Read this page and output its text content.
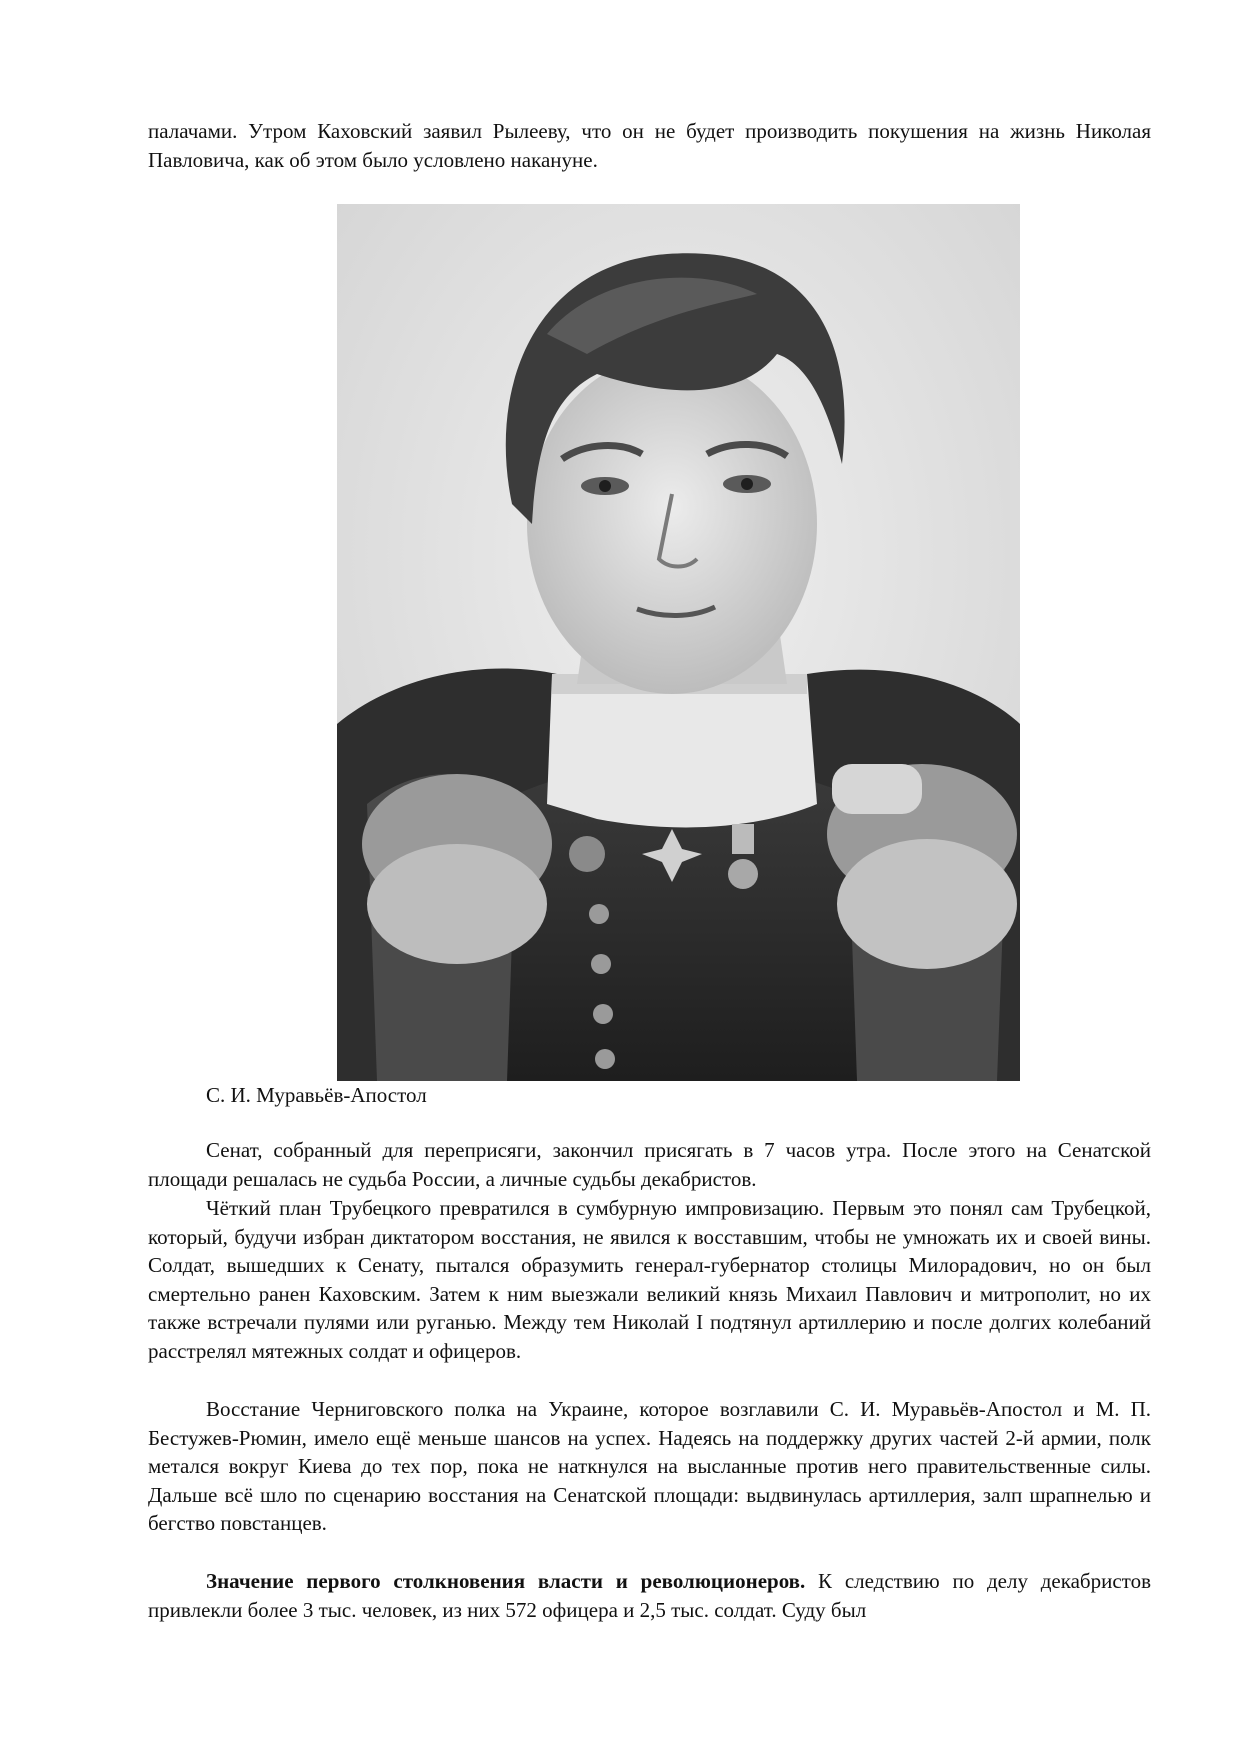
палачами. Утром Каховский заявил Рылееву, что он не будет производить покушения на жизнь Николая Павловича, как об этом было условлено накануне.

С. И. Муравьёв-Апостол

Сенат, собранный для переприсяги, закончил присягать в 7 часов утра. После этого на Сенатской площади решалась не судьба России, а личные судьбы декабристов.

Чёткий план Трубецкого превратился в сумбурную импровизацию. Первым это понял сам Трубецкой, который, будучи избран диктатором восстания, не явился к восставшим, чтобы не умножать их и своей вины. Солдат, вышедших к Сенату, пытался образумить генерал-губернатор столицы Милорадович, но он был смертельно ранен Каховским. Затем к ним выезжали великий князь Михаил Павлович и митрополит, но их также встречали пулями или руганью. Между тем Николай I подтянул артиллерию и после долгих колебаний расстрелял мятежных солдат и офицеров.

Восстание Черниговского полка на Украине, которое возглавили С. И. Муравьёв-Апостол и М. П. Бестужев-Рюмин, имело ещё меньше шансов на успех. Надеясь на поддержку других частей 2-й армии, полк метался вокруг Киева до тех пор, пока не наткнулся на высланные против него правительственные силы. Дальше всё шло по сценарию восстания на Сенатской площади: выдвинулась артиллерия, залп шрапнелью и бегство повстанцев.

Значение первого столкновения власти и революционеров. К следствию по делу декабристов привлекли более 3 тыс. человек, из них 572 офицера и 2,5 тыс. солдат. Суду был
